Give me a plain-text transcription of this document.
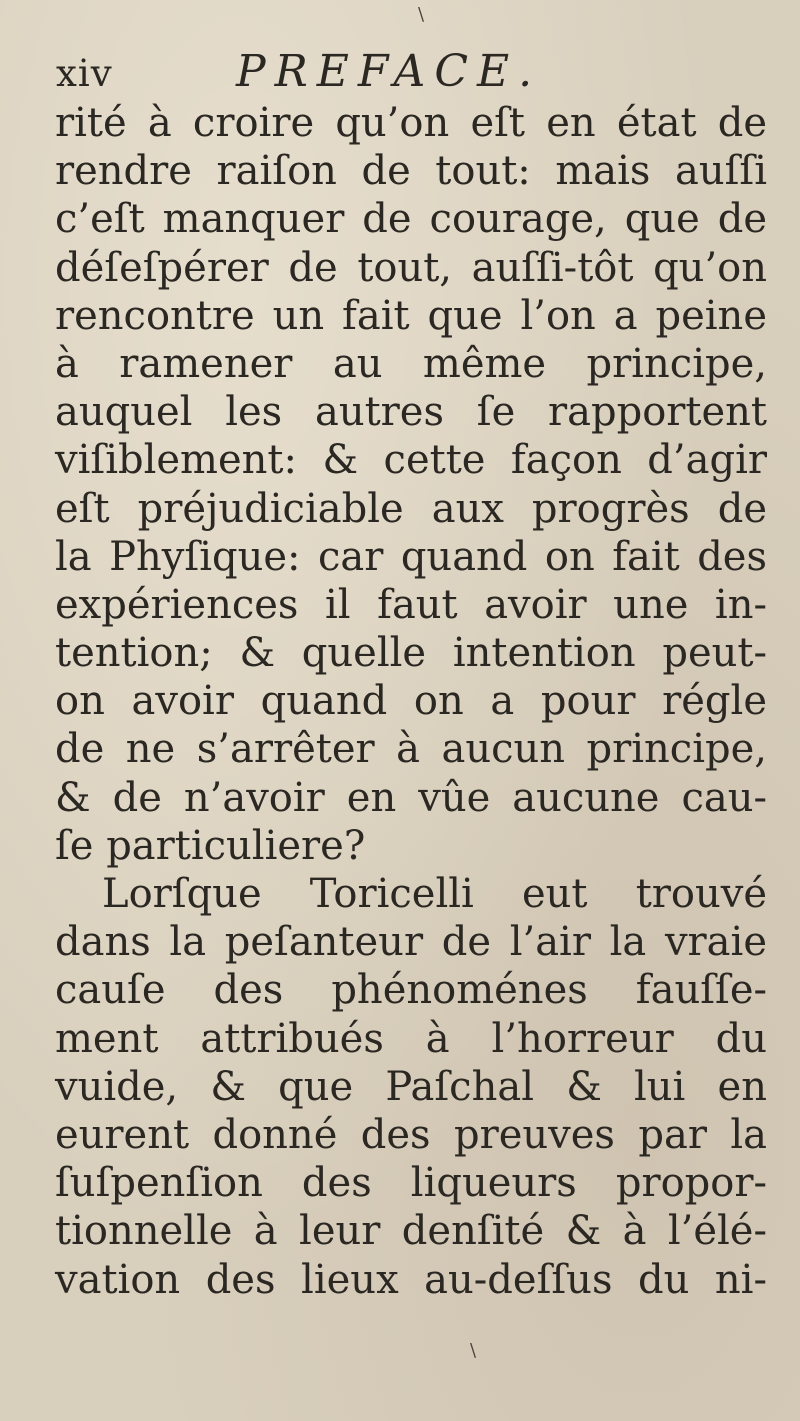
\
xiv	PREFACE.
rité à croire qu’on eſt en état de
rendre raiſon de tout: mais auſſi
c’eſt manquer de courage, que de
déſeſpérer de tout, auſſi-tôt qu’on
rencontre un fait que l’on a peine
à ramener au même principe,
auquel les autres ſe rapportent
viſiblement: & cette façon d’agir
eſt préjudiciable aux progrès de
la Phyſique: car quand on fait des
expériences il faut avoir une in-
tention; & quelle intention peut-
on avoir quand on a pour régle
de ne s’arrêter à aucun principe,
& de n’avoir en vûe aucune cau-
ſe particuliere?
Lorſque Toricelli eut trouvé
dans la peſanteur de l’air la vraie
cauſe des phénoménes fauſſe-
ment attribués à l’horreur du
vuide, & que Paſchal & lui en
eurent donné des preuves par la
ſuſpenſion des liqueurs propor-
tionnelle à leur denſité & à l’élé-
vation des lieux au-deſſus du ni-
\
